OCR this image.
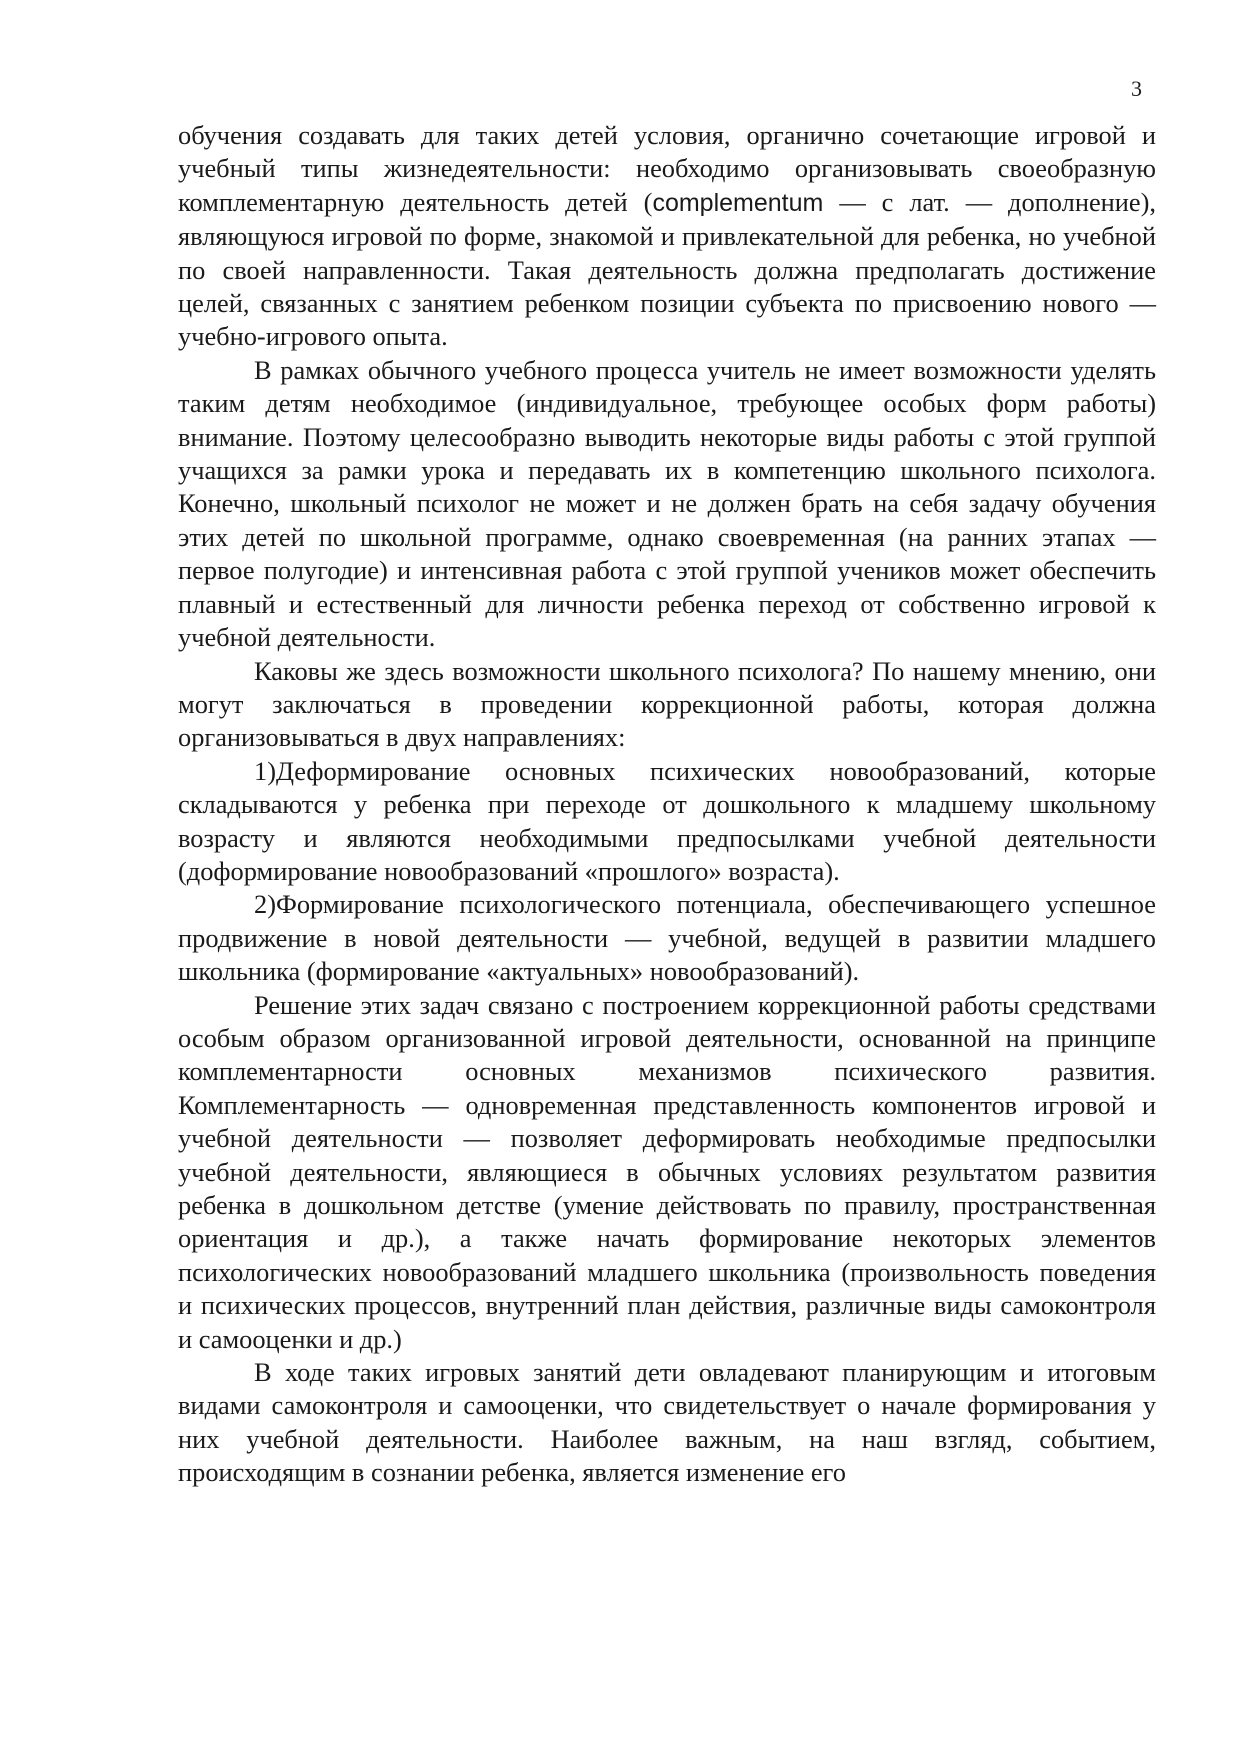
3

обучения создавать для таких детей условия, органично сочетающие игровой и учебный типы жизнедеятельности: необходимо организовывать своеобразную комплементарную деятельность детей (complementum — с лат. — дополнение), являющуюся игровой по форме, знакомой и привлекательной для ребенка, но учебной по своей направленности. Такая деятельность должна предполагать достижение целей, связанных с занятием ребенком позиции субъекта по присвоению нового — учебно-игрового опыта.

В рамках обычного учебного процесса учитель не имеет возможности уделять таким детям необходимое (индивидуальное, требующее особых форм работы) внимание. Поэтому целесообразно выводить некоторые виды работы с этой группой учащихся за рамки урока и передавать их в компетенцию школьного психолога. Конечно, школьный психолог не может и не должен брать на себя задачу обучения этих детей по школьной программе, однако своевременная (на ранних этапах — первое полугодие) и интенсивная работа с этой группой учеников может обеспечить плавный и естественный для личности ребенка переход от собственно игровой к учебной деятельности.

Каковы же здесь возможности школьного психолога? По нашему мнению, они могут заключаться в проведении коррекционной работы, которая должна организовываться в двух направлениях:

1)Деформирование основных психических новообразований, которые складываются у ребенка при переходе от дошкольного к младшему школьному возрасту и являются необходимыми предпосылками учебной деятельности (доформирование новообразований «прошлого» возраста).

2)Формирование психологического потенциала, обеспечивающего успешное продвижение в новой деятельности — учебной, ведущей в развитии младшего школьника (формирование «актуальных» новообразований).

Решение этих задач связано с построением коррекционной работы средствами особым образом организованной игровой деятельности, основанной на принципе комплементарности основных механизмов психического развития. Комплементарность — одновременная представленность компонентов игровой и учебной деятельности — позволяет деформировать необходимые предпосылки учебной деятельности, являющиеся в обычных условиях результатом развития ребенка в дошкольном детстве (умение действовать по правилу, пространственная ориентация и др.), а также начать формирование некоторых элементов психологических новообразований младшего школьника (произвольность поведения и психических процессов, внутренний план действия, различные виды самоконтроля и самооценки и др.)

В ходе таких игровых занятий дети овладевают планирующим и итоговым видами самоконтроля и самооценки, что свидетельствует о начале формирования у них учебной деятельности. Наиболее важным, на наш взгляд, событием, происходящим в сознании ребенка, является изменение его
